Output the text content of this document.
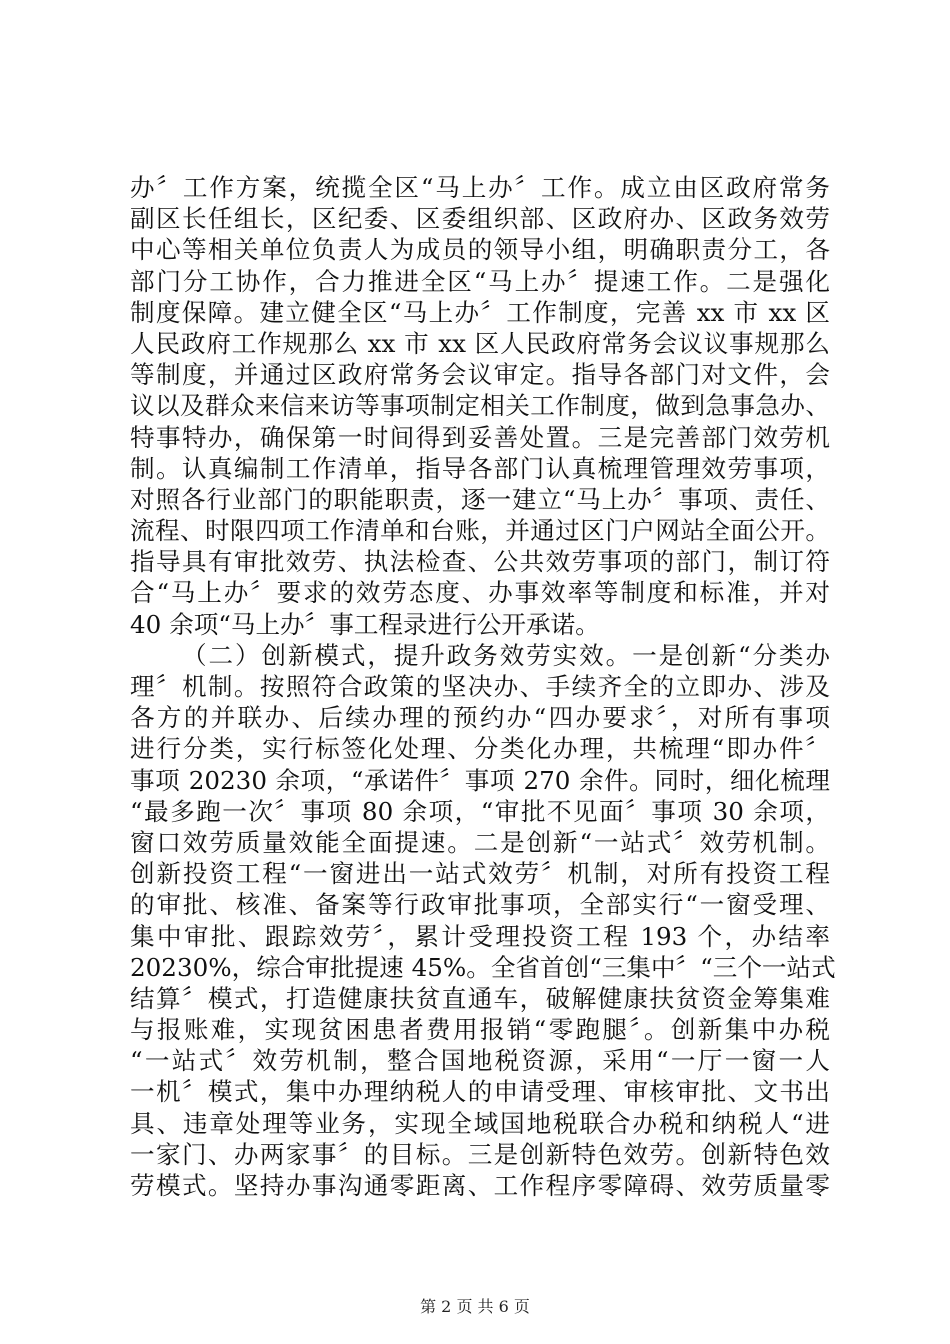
办〞工作方案，统揽全区“马上办〞工作。成立由区政府常务
副区长任组长，区纪委、区委组织部、区政府办、区政务效劳
中心等相关单位负责人为成员的领导小组，明确职责分工，各
部门分工协作，合力推进全区“马上办〞提速工作。二是强化
制度保障。建立健全区“马上办〞工作制度，完善 xx 市 xx 区
人民政府工作规那么 xx 市 xx 区人民政府常务会议议事规那么
等制度，并通过区政府常务会议审定。指导各部门对文件，会
议以及群众来信来访等事项制定相关工作制度，做到急事急办、
特事特办，确保第一时间得到妥善处置。三是完善部门效劳机
制。认真编制工作清单，指导各部门认真梳理管理效劳事项，
对照各行业部门的职能职责，逐一建立“马上办〞事项、责任、
流程、时限四项工作清单和台账，并通过区门户网站全面公开。
指导具有审批效劳、执法检查、公共效劳事项的部门，制订符
合“马上办〞要求的效劳态度、办事效率等制度和标准，并对
40 余项“马上办〞事工程录进行公开承诺。
（二）创新模式，提升政务效劳实效。一是创新“分类办
理〞机制。按照符合政策的坚决办、手续齐全的立即办、涉及
各方的并联办、后续办理的预约办“四办要求〞，对所有事项
进行分类，实行标签化处理、分类化办理，共梳理“即办件〞
事项 20230 余项，“承诺件〞事项 270 余件。同时，细化梳理
“最多跑一次〞事项 80 余项，“审批不见面〞事项 30 余项，
窗口效劳质量效能全面提速。二是创新“一站式〞效劳机制。
创新投资工程“一窗进出一站式效劳〞机制，对所有投资工程
的审批、核准、备案等行政审批事项，全部实行“一窗受理、
集中审批、跟踪效劳〞，累计受理投资工程 193 个，办结率
20230%，综合审批提速 45%。全省首创“三集中〞“三个一站式
结算〞模式，打造健康扶贫直通车，破解健康扶贫资金筹集难
与报账难，实现贫困患者费用报销“零跑腿〞。创新集中办税
“一站式〞效劳机制，整合国地税资源，采用“一厅一窗一人
一机〞模式，集中办理纳税人的申请受理、审核审批、文书出
具、违章处理等业务，实现全域国地税联合办税和纳税人“进
一家门、办两家事〞的目标。三是创新特色效劳。创新特色效
劳模式。坚持办事沟通零距离、工作程序零障碍、效劳质量零
第 2 页 共 6 页
